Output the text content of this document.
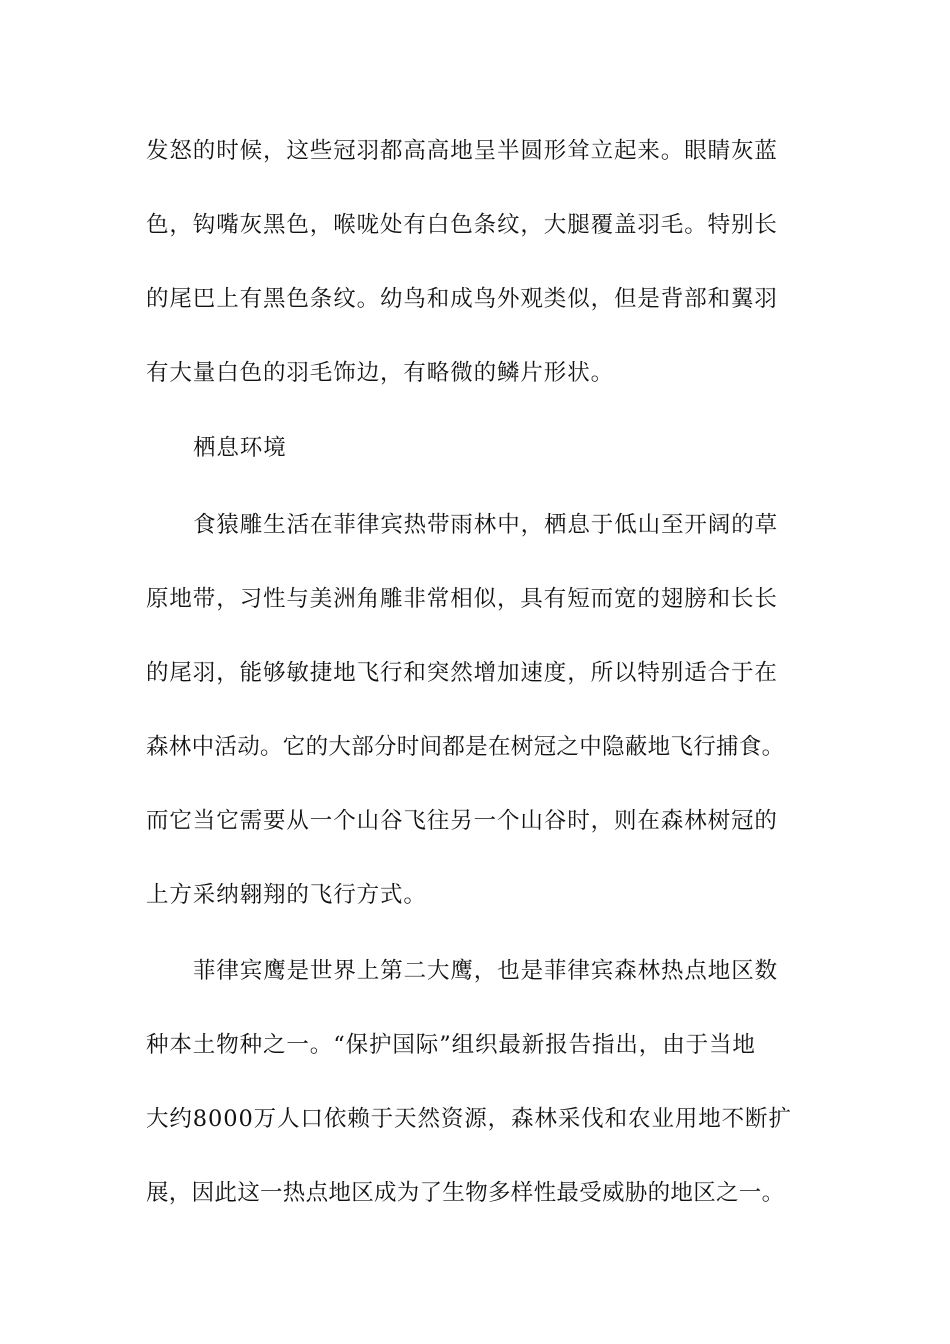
发怒的时候，这些冠羽都高高地呈半圆形耸立起来。眼睛灰蓝
色，钩嘴灰黑色，喉咙处有白色条纹，大腿覆盖羽毛。特别长
的尾巴上有黑色条纹。幼鸟和成鸟外观类似，但是背部和翼羽
有大量白色的羽毛饰边，有略微的鳞片形状。
栖息环境
食猿雕生活在菲律宾热带雨林中，栖息于低山至开阔的草
原地带，习性与美洲角雕非常相似，具有短而宽的翅膀和长长
的尾羽，能够敏捷地飞行和突然增加速度，所以特别适合于在
森林中活动。它的大部分时间都是在树冠之中隐蔽地飞行捕食。
而它当它需要从一个山谷飞往另一个山谷时，则在森林树冠的
上方采纳翱翔的飞行方式。
菲律宾鹰是世界上第二大鹰，也是菲律宾森林热点地区数
种本土物种之一。“保护国际”组织最新报告指出，由于当地
大约8000万人口依赖于天然资源，森林采伐和农业用地不断扩
展，因此这一热点地区成为了生物多样性最受威胁的地区之一。
